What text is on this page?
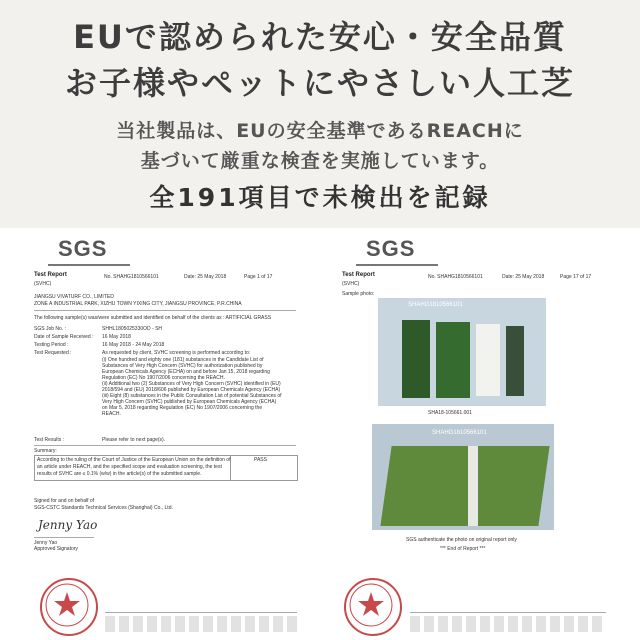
EUで認められた安心・安全品質
お子様やペットにやさしい人工芝
当社製品は、EUの安全基準であるREACHに
基づいて厳重な検査を実施しています。
全191項目で未検出を記録
SGS
Test Report
(SVHC)
No. SHAHG1810566101	Date: 25 May 2018	Page 1 of 17
JIANGSU VIVATURF CO., LIMITED
ZONE A INDUSTRIAL PARK, XIZHU TOWN YIXING CITY, JIANGSU PROVINCE, P.R.CHINA
The following sample(s) was/were submitted and identified on behalf of the clients as : ARTIFICIAL GRASS
SGS Job No. :	SHHL1805025330OD - SH
Date of Sample Received : 16 May 2018
Testing Period :	16 May 2018 - 24 May 2018
Test Requested :	As requested by client, SVHC screening is performed according to:
(i) One hundred and eighty one (181) substances in the Candidate List of
Substances of Very High Concern (SVHC) for authorization published by
European Chemicals Agency (ECHA) on and before Jan 15, 2018 regarding
Regulation (EC) No 1907/2006 concerning the REACH.
(ii) Additional two (2) Substances of Very High Concern (SVHC) identified in (EU)
2018/594 and (EU) 2018/606 published by European Chemicals Agency (ECHA)
(iii) Eight (8) substances in the Public Consultation List of potential Substances of
Very High Concern (SVHC) published by European Chemicals Agency (ECHA)
on Mar 5, 2018 regarding Regulation (EC) No 1907/2006 concerning the
REACH.
Test Results :	Please refer to next page(s).
Summary:
According to the ruling of the Court of Justice of the European Union on the definition of
an article under REACH, and the specified scope and evaluation screening, the test
results of SVHC are ≤ 0.1% (w/w) in the article(s) of the submitted sample.
PASS
Signed for and on behalf of
SGS-CSTC Standards Technical Services (Shanghai) Co., Ltd.
Jenny Yao
Jenny Yao
Approved Signatory
SGS
Test Report
(SVHC)
No. SHAHG1810566101	Date: 25 May 2018	Page 17 of 17
Sample photo:
SHAHG1810566101
SHA18-105661.001
SHAHG1810566101
SGS authenticate the photo on original report only
*** End of Report ***
